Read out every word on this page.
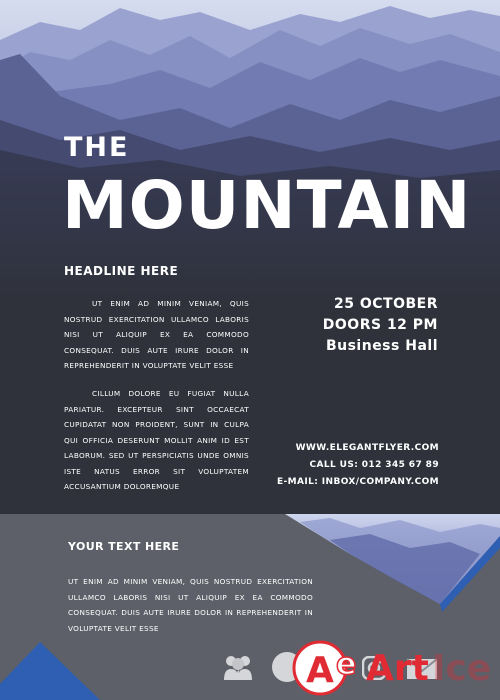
THE
MOUNTAIN
HEADLINE HERE

UT ENIM AD MINIM VENIAM, QUIS NOSTRUD EXERCITATION ULLAMCO LABORIS NISI UT ALIQUIP EX EA COMMODO CONSEQUAT. DUIS AUTE IRURE DOLOR IN REPREHENDERIT IN VOLUPTATE VELIT ESSE

CILLUM DOLORE EU FUGIAT NULLA PARIATUR. EXCEPTEUR SINT OCCAECAT CUPIDATAT NON PROIDENT, SUNT IN CULPA QUI OFFICIA DESERUNT MOLLIT ANIM ID EST LABORUM. SED UT PERSPICIATIS UNDE OMNIS ISTE NATUS ERROR SIT VOLUPTATEM ACCUSANTIUM DOLOREMQUE

25 OCTOBER
DOORS 12 PM
Business Hall
WWW.ELEGANTFLYER.COM
CALL US: 012 345 67 89
E-MAIL: INBOX/COMPANY.COM
YOUR TEXT HERE

UT ENIM AD MINIM VENIAM, QUIS NOSTRUD EXERCITATION ULLAMCO LABORIS NISI UT ALIQUIP EX EA COMMODO CONSEQUAT. DUIS AUTE IRURE DOLOR IN REPREHENDERIT IN VOLUPTATE VELIT ESSE

A e Art Ice
